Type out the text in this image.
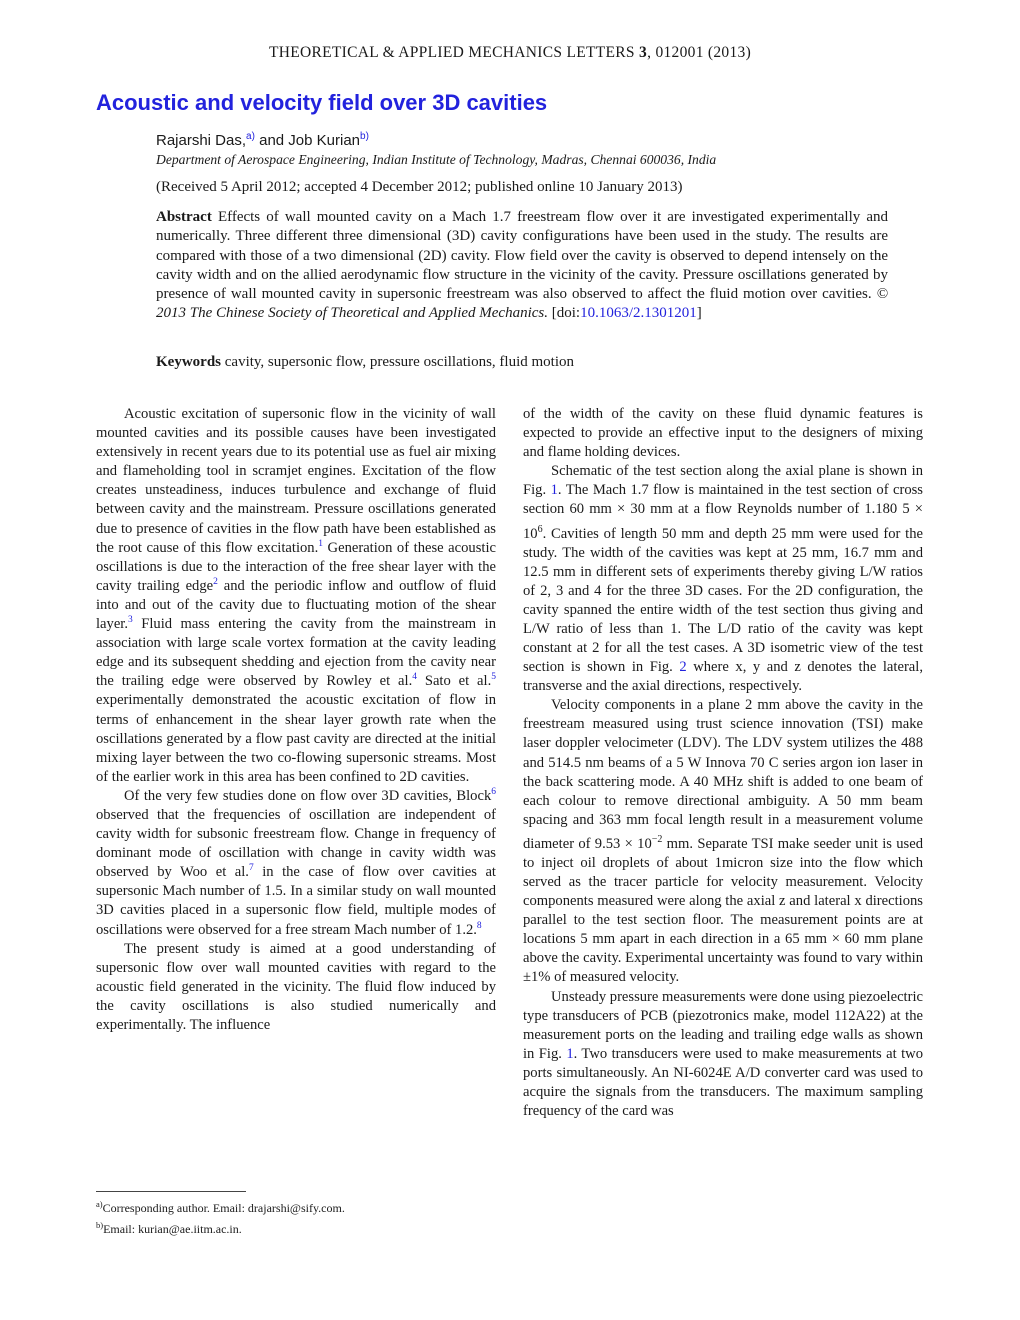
THEORETICAL & APPLIED MECHANICS LETTERS 3, 012001 (2013)
Acoustic and velocity field over 3D cavities
Rajarshi Das,$^{a)}$ and Job Kurian$^{b)}$
Department of Aerospace Engineering, Indian Institute of Technology, Madras, Chennai 600036, India
(Received 5 April 2012; accepted 4 December 2012; published online 10 January 2013)
Abstract Effects of wall mounted cavity on a Mach 1.7 freestream flow over it are investigated experimentally and numerically. Three different three dimensional (3D) cavity configurations have been used in the study. The results are compared with those of a two dimensional (2D) cavity. Flow field over the cavity is observed to depend intensely on the cavity width and on the allied aerodynamic flow structure in the vicinity of the cavity. Pressure oscillations generated by presence of wall mounted cavity in supersonic freestream was also observed to affect the fluid motion over cavities. © 2013 The Chinese Society of Theoretical and Applied Mechanics. [doi:10.1063/2.1301201]
Keywords cavity, supersonic flow, pressure oscillations, fluid motion

Acoustic excitation of supersonic flow in the vicinity of wall mounted cavities and its possible causes have been investigated extensively in recent years due to its potential use as fuel air mixing and flameholding tool in scramjet engines. Excitation of the flow creates unsteadiness, induces turbulence and exchange of fluid between cavity and the mainstream. Pressure oscillations generated due to presence of cavities in the flow path have been established as the root cause of this flow excitation.$^1$ Generation of these acoustic oscillations is due to the interaction of the free shear layer with the cavity trailing edge$^2$ and the periodic inflow and outflow of fluid into and out of the cavity due to fluctuating motion of the shear layer.$^3$ Fluid mass entering the cavity from the mainstream in association with large scale vortex formation at the cavity leading edge and its subsequent shedding and ejection from the cavity near the trailing edge were observed by Rowley et al.$^4$ Sato et al.$^5$ experimentally demonstrated the acoustic excitation of flow in terms of enhancement in the shear layer growth rate when the oscillations generated by a flow past cavity are directed at the initial mixing layer between the two co-flowing supersonic streams. Most of the earlier work in this area has been confined to 2D cavities.

Of the very few studies done on flow over 3D cavities, Block$^6$ observed that the frequencies of oscillation are independent of cavity width for subsonic freestream flow. Change in frequency of dominant mode of oscillation with change in cavity width was observed by Woo et al.$^7$ in the case of flow over cavities at supersonic Mach number of 1.5. In a similar study on wall mounted 3D cavities placed in a supersonic flow field, multiple modes of oscillations were observed for a free stream Mach number of 1.2.$^8$

The present study is aimed at a good understanding of supersonic flow over wall mounted cavities with regard to the acoustic field generated in the vicinity. The fluid flow induced by the cavity oscillations is also studied numerically and experimentally. The influence

of the width of the cavity on these fluid dynamic features is expected to provide an effective input to the designers of mixing and flame holding devices.

Schematic of the test section along the axial plane is shown in Fig. 1. The Mach 1.7 flow is maintained in the test section of cross section 60 mm × 30 mm at a flow Reynolds number of 1.180 $5 \times 10^6$. Cavities of length 50 mm and depth 25 mm were used for the study. The width of the cavities was kept at 25 mm, 16.7 mm and 12.5 mm in different sets of experiments thereby giving L/W ratios of 2, 3 and 4 for the three 3D cases. For the 2D configuration, the cavity spanned the entire width of the test section thus giving and L/W ratio of less than 1. The L/D ratio of the cavity was kept constant at 2 for all the test cases. A 3D isometric view of the test section is shown in Fig. 2 where x, y and z denotes the lateral, transverse and the axial directions, respectively.

Velocity components in a plane 2 mm above the cavity in the freestream measured using trust science innovation (TSI) make laser doppler velocimeter (LDV). The LDV system utilizes the 488 and 514.5 nm beams of a 5 W Innova 70 C series argon ion laser in the back scattering mode. A 40 MHz shift is added to one beam of each colour to remove directional ambiguity. A 50 mm beam spacing and 363 mm focal length result in a measurement volume diameter of $9.53 \times 10^{-2}$ mm. Separate TSI make seeder unit is used to inject oil droplets of about 1micron size into the flow which served as the tracer particle for velocity measurement. Velocity components measured were along the axial z and lateral x directions parallel to the test section floor. The measurement points are at locations 5 mm apart in each direction in a 65 mm × 60 mm plane above the cavity. Experimental uncertainty was found to vary within ±1% of measured velocity.

Unsteady pressure measurements were done using piezoelectric type transducers of PCB (piezotronics make, model 112A22) at the measurement ports on the leading and trailing edge walls as shown in Fig. 1. Two transducers were used to make measurements at two ports simultaneously. An NI-6024E A/D converter card was used to acquire the signals from the transducers. The maximum sampling frequency of the card was

$^{a)}$Corresponding author. Email: drajarshi@sify.com.
$^{b)}$Email: kurian@ae.iitm.ac.in.
